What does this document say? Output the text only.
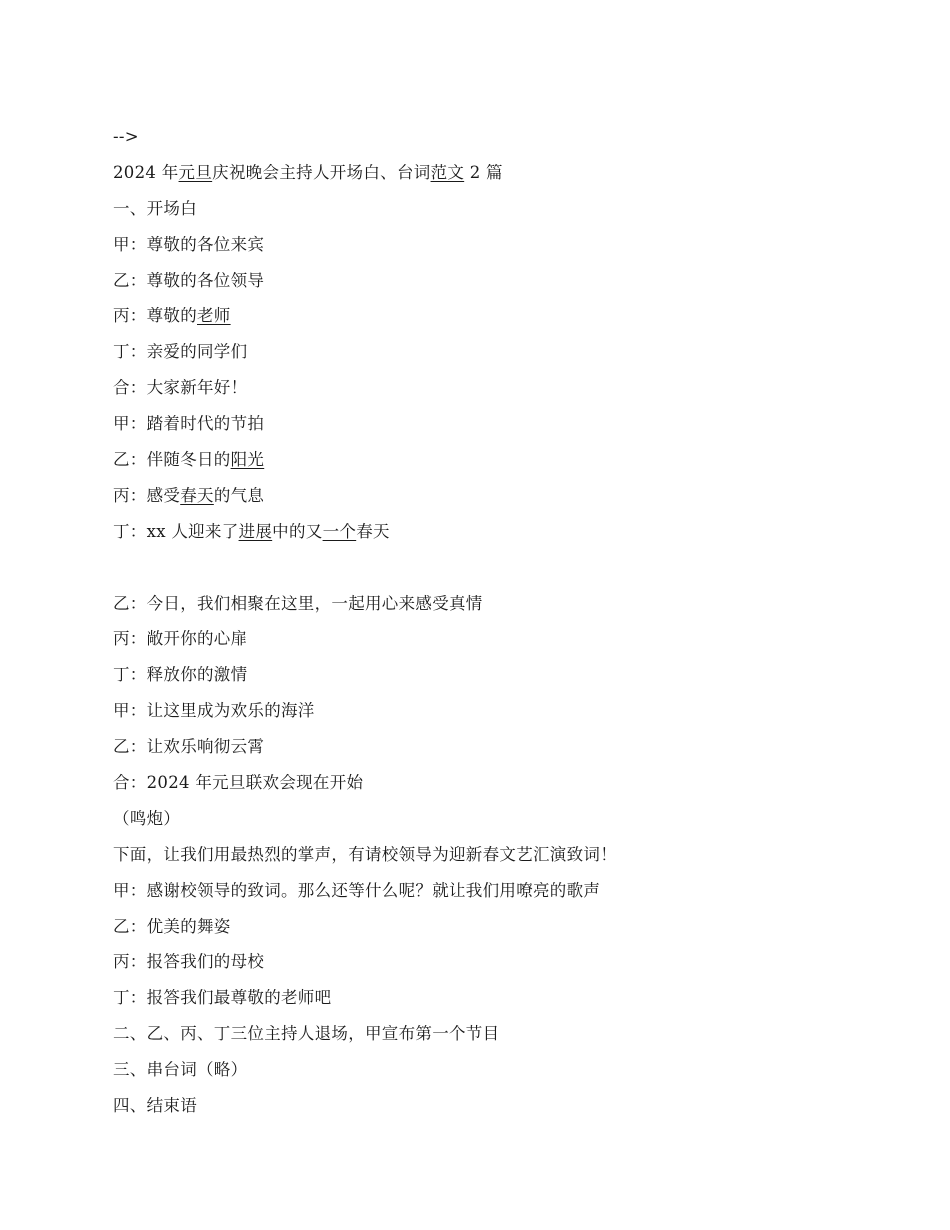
-->
2024 年元旦庆祝晚会主持人开场白、台词范文 2 篇
一、开场白
甲：尊敬的各位来宾
乙：尊敬的各位领导
丙：尊敬的老师
丁：亲爱的同学们
合：大家新年好！
甲：踏着时代的节拍
乙：伴随冬日的阳光
丙：感受春天的气息
丁：xx 人迎来了进展中的又一个春天
乙：今日，我们相聚在这里，一起用心来感受真情
丙：敞开你的心扉
丁：释放你的激情
甲：让这里成为欢乐的海洋
乙：让欢乐响彻云霄
合：2024 年元旦联欢会现在开始
（鸣炮）
下面，让我们用最热烈的掌声，有请校领导为迎新春文艺汇演致词！
甲：感谢校领导的致词。那么还等什么呢？就让我们用嘹亮的歌声
乙：优美的舞姿
丙：报答我们的母校
丁：报答我们最尊敬的老师吧
二、乙、丙、丁三位主持人退场，甲宣布第一个节目
三、串台词（略）
四、结束语
